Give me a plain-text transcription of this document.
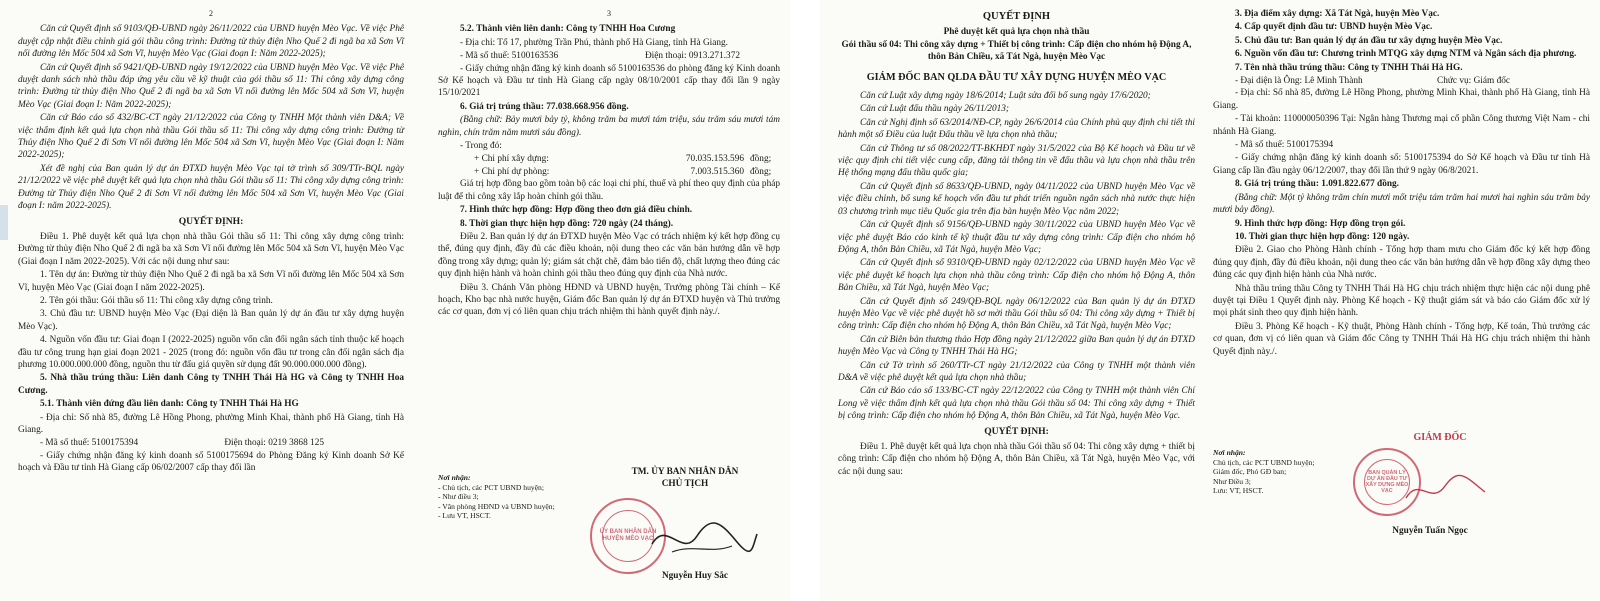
2

Căn cứ Quyết định số 9103/QĐ-UBND ngày 26/11/2022 của UBND huyện Mèo Vạc. Về việc Phê duyệt cập nhật điều chỉnh giá gói thầu công trình: Đường từ thủy điện Nho Quế 2 đi ngã ba xã Sơn Vĩ nối đường lên Mốc 504 xã Sơn Vĩ, huyện Mèo Vạc (Giai đoạn I: Năm 2022-2025);

Căn cứ Quyết định số 9421/QĐ-UBND ngày 19/12/2022 của UBND huyện Mèo Vạc. Về việc Phê duyệt danh sách nhà thầu đáp ứng yêu cầu về kỹ thuật của gói thầu số 11: Thi công xây dựng công trình: Đường từ thủy điện Nho Quế 2 đi ngã ba xã Sơn Vĩ nối đường lên Mốc 504 xã Sơn Vĩ, huyện Mèo Vạc (Giai đoạn I: Năm 2022-2025);

Căn cứ Báo cáo số 432/BC-CT ngày 21/12/2022 của Công ty TNHH Một thành viên D&A; Về việc thẩm định kết quả lựa chọn nhà thầu Gói thầu số 11: Thi công xây dựng công trình: Đường từ Thủy điện Nho Quế 2 đi Sơn Vĩ nối đường lên Mốc 504 xã Sơn Vĩ, huyện Mèo Vạc (Giai đoạn I: Năm 2022-2025);

Xét đề nghị của Ban quản lý dự án ĐTXD huyện Mèo Vạc tại tờ trình số 309/TTr-BQL ngày 21/12/2022 về việc phê duyệt kết quả lựa chọn nhà thầu Gói thầu số 11: Thi công xây dựng công trình: Đường từ Thủy điện Nho Quế 2 đi Sơn Vĩ nối đường lên Mốc 504 xã Sơn Vĩ, huyện Mèo Vạc (Giai đoạn I: năm 2022-2025).

QUYẾT ĐỊNH:

Điều 1. Phê duyệt kết quả lựa chọn nhà thầu Gói thầu số 11: Thi công xây dựng công trình: Đường từ thủy điện Nho Quế 2 đi ngã ba xã Sơn Vĩ nối đường lên Mốc 504 xã Sơn Vĩ, huyện Mèo Vạc (Giai đoạn I năm 2022-2025). Với các nội dung như sau:

1. Tên dự án: Đường từ thủy điện Nho Quế 2 đi ngã ba xã Sơn Vĩ nối đường lên Mốc 504 xã Sơn Vĩ, huyện Mèo Vạc (Giai đoạn I năm 2022-2025).

2. Tên gói thầu: Gói thầu số 11: Thi công xây dựng công trình.

3. Chủ đầu tư: UBND huyện Mèo Vạc (Đại diện là Ban quản lý dự án đầu tư xây dựng huyện Mèo Vạc).

4. Nguồn vốn đầu tư: Giai đoạn I (2022-2025) nguồn vốn cân đối ngân sách tỉnh thuộc kế hoạch đầu tư công trung hạn giai đoạn 2021 - 2025 (trong đó: nguồn vốn đầu tư trong cân đối ngân sách địa phương 10.000.000.000 đồng, nguồn thu từ đấu giá quyền sử dụng đất 90.000.000.000 đồng).

5. Nhà thầu trúng thầu: Liên danh Công ty TNHH Thái Hà HG và Công ty TNHH Hoa Cương.

5.1. Thành viên đứng đầu liên danh: Công ty TNHH Thái Hà HG

- Địa chỉ: Số nhà 85, đường Lê Hồng Phong, phường Minh Khai, thành phố Hà Giang, tỉnh Hà Giang.

- Mã số thuế: 5100175394	Điện thoại: 0219 3868 125

- Giấy chứng nhận đăng ký kinh doanh số 5100175694 do Phòng Đăng ký Kinh doanh Sở Kế hoạch và Đầu tư tỉnh Hà Giang cấp 06/02/2007 cấp thay đổi lần

3

5.2. Thành viên liên danh: Công ty TNHH Hoa Cương

- Địa chỉ: Tổ 17, phường Trần Phú, thành phố Hà Giang, tỉnh Hà Giang.

- Mã số thuế: 5100163536	Điện thoại: 0913.271.372

- Giấy chứng nhận đăng ký kinh doanh số 5100163536 do phòng đăng ký Kinh doanh Sở Kế hoạch và Đầu tư tỉnh Hà Giang cấp ngày 08/10/2001 cấp thay đổi lần 9 ngày 15/10/2021

6. Giá trị trúng thầu: 77.038.668.956 đồng.

(Bằng chữ: Bảy mươi bảy tỷ, không trăm ba mươi tám triệu, sáu trăm sáu mươi tám nghìn, chín trăm năm mươi sáu đồng).

- Trong đó:

+ Chi phí xây dựng:	70.035.153.596 đồng;
+ Chi phí dự phòng:	7.003.515.360 đồng;

Giá trị hợp đồng bao gồm toàn bộ các loại chi phí, thuế và phí theo quy định của pháp luật để thi công xây lắp hoàn chỉnh gói thầu.

7. Hình thức hợp đồng: Hợp đồng theo đơn giá điều chỉnh.

8. Thời gian thực hiện hợp đồng: 720 ngày (24 tháng).

Điều 2. Ban quản lý dự án ĐTXD huyện Mèo Vạc có trách nhiệm ký kết hợp đồng cụ thể, đúng quy định, đầy đủ các điều khoản, nội dung theo các văn bản hướng dẫn về hợp đồng trong xây dựng; quản lý; giám sát chặt chẽ, đảm bảo tiến độ, chất lượng theo đúng các quy định hiện hành và hoàn chỉnh gói thầu theo đúng quy định của Nhà nước.

Điều 3. Chánh Văn phòng HĐND và UBND huyện, Trưởng phòng Tài chính – Kế hoạch, Kho bạc nhà nước huyện, Giám đốc Ban quản lý dự án ĐTXD huyện và Thủ trưởng các cơ quan, đơn vị có liên quan chịu trách nhiệm thi hành quyết định này./.

Nơi nhận:
- Chủ tịch, các PCT UBND huyện;
- Như điều 3;
- Văn phòng HĐND và UBND huyện;
- Lưu VT, HSCT.
TM. ỦY BAN NHÂN DÂN
CHỦ TỊCH
ỦY BAN NHÂN DÂN HUYỆN MÈO VẠC
Nguyễn Huy Sắc
QUYẾT ĐỊNH
Phê duyệt kết quả lựa chọn nhà thầu
Gói thầu số 04: Thi công xây dựng + Thiết bị công trình: Cấp điện cho nhóm hộ Động A, thôn Bản Chiều, xã Tát Ngà, huyện Mèo Vạc
GIÁM ĐỐC BAN QLDA ĐẦU TƯ XÂY DỰNG HUYỆN MÈO VẠC

Căn cứ Luật xây dựng ngày 18/6/2014; Luật sửa đổi bổ sung ngày 17/6/2020;

Căn cứ Luật đấu thầu ngày 26/11/2013;

Căn cứ Nghị định số 63/2014/NĐ-CP, ngày 26/6/2014 của Chính phủ quy định chi tiết thi hành một số Điều của luật Đấu thầu về lựa chọn nhà thầu;

Căn cứ Thông tư số 08/2022/TT-BKHĐT ngày 31/5/2022 của Bộ Kế hoạch và Đầu tư về việc quy định chi tiết việc cung cấp, đăng tải thông tin về đấu thầu và lựa chọn nhà thầu trên Hệ thống mạng đấu thầu quốc gia;

Căn cứ Quyết định số 8633/QĐ-UBND, ngày 04/11/2022 của UBND huyện Mèo Vạc về việc điều chỉnh, bổ sung kế hoạch vốn đầu tư phát triển nguồn ngân sách nhà nước thực hiện 03 chương trình mục tiêu Quốc gia trên địa bàn huyện Mèo Vạc năm 2022;

Căn cứ Quyết định số 9156/QĐ-UBND ngày 30/11/2022 của UBND huyện Mèo Vạc về việc phê duyệt Báo cáo kinh tế kỹ thuật đầu tư xây dựng công trình: Cấp điện cho nhóm hộ Động A, thôn Bản Chiều, xã Tát Ngà, huyện Mèo Vạc;

Căn cứ Quyết định số 9310/QĐ-UBND ngày 02/12/2022 của UBND huyện Mèo Vạc về việc phê duyệt kế hoạch lựa chọn nhà thầu công trình: Cấp điện cho nhóm hộ Động A, thôn Bản Chiều, xã Tát Ngà, huyện Mèo Vạc;

Căn cứ Quyết định số 249/QĐ-BQL ngày 06/12/2022 của Ban quản lý dự án ĐTXD huyện Mèo Vạc về việc phê duyệt hồ sơ mời thầu Gói thầu số 04: Thi công xây dựng + Thiết bị công trình: Cấp điện cho nhóm hộ Động A, thôn Bản Chiều, xã Tát Ngà, huyện Mèo Vạc;

Căn cứ Biên bản thương thảo Hợp đồng ngày 21/12/2022 giữa Ban quản lý dự án ĐTXD huyện Mèo Vạc và Công ty TNHH Thái Hà HG;

Căn cứ Tờ trình số 260/TTr-CT ngày 21/12/2022 của Công ty TNHH một thành viên D&A về việc phê duyệt kết quả lựa chọn nhà thầu;

Căn cứ Báo cáo số 133/BC-CT ngày 22/12/2022 của Công ty TNHH một thành viên Chí Long về việc thẩm định kết quả lựa chọn nhà thầu Gói thầu số 04: Thi công xây dựng + Thiết bị công trình: Cấp điện cho nhóm hộ Động A, thôn Bản Chiều, xã Tát Ngà, huyện Mèo Vạc.

QUYẾT ĐỊNH:

Điều 1. Phê duyệt kết quả lựa chọn nhà thầu Gói thầu số 04: Thi công xây dựng + thiết bị công trình: Cấp điện cho nhóm hộ Động A, thôn Bản Chiều, xã Tát Ngà, huyện Mèo Vạc, với các nội dung sau:

3. Địa điểm xây dựng: Xã Tát Ngà, huyện Mèo Vạc.

4. Cấp quyết định đầu tư: UBND huyện Mèo Vạc.

5. Chủ đầu tư: Ban quản lý dự án đầu tư xây dựng huyện Mèo Vạc.

6. Nguồn vốn đầu tư: Chương trình MTQG xây dựng NTM và Ngân sách địa phương.

7. Tên nhà thầu trúng thầu: Công ty TNHH Thái Hà HG.

- Đại diện là Ông: Lê Minh Thành	Chức vụ: Giám đốc

- Địa chỉ: Số nhà 85, đường Lê Hồng Phong, phường Minh Khai, thành phố Hà Giang, tỉnh Hà Giang.

- Tài khoản: 110000050396 Tại: Ngân hàng Thương mại cổ phần Công thương Việt Nam - chi nhánh Hà Giang.

- Mã số thuế: 5100175394

- Giấy chứng nhận đăng ký kinh doanh số: 5100175394 do Sở Kế hoạch và Đầu tư tỉnh Hà Giang cấp lần đầu ngày 06/12/2007, thay đổi lần thứ 9 ngày 06/8/2021.

8. Giá trị trúng thầu: 1.091.822.677 đồng.

(Bằng chữ: Một tỷ không trăm chín mươi mốt triệu tám trăm hai mươi hai nghìn sáu trăm bảy mươi bảy đồng).

9. Hình thức hợp đồng: Hợp đồng trọn gói.

10. Thời gian thực hiện hợp đồng: 120 ngày.

Điều 2. Giao cho Phòng Hành chính - Tổng hợp tham mưu cho Giám đốc ký kết hợp đồng đúng quy định, đầy đủ điều khoản, nội dung theo các văn bản hướng dẫn về hợp đồng xây dựng theo đúng các quy định hiện hành của Nhà nước.

Nhà thầu trúng thầu Công ty TNHH Thái Hà HG chịu trách nhiệm thực hiện các nội dung phê duyệt tại Điều 1 Quyết định này. Phòng Kế hoạch - Kỹ thuật giám sát và báo cáo Giám đốc xử lý mọi phát sinh theo quy định hiện hành.

Điều 3. Phòng Kế hoạch - Kỹ thuật, Phòng Hành chính - Tổng hợp, Kế toán, Thủ trưởng các cơ quan, đơn vị có liên quan và Giám đốc Công ty TNHH Thái Hà HG chịu trách nhiệm thi hành Quyết định này./.

Nơi nhận:
Chủ tịch, các PCT UBND huyện;
Giám đốc, Phó GĐ ban;
Như Điều 3;
Lưu: VT, HSCT.
GIÁM ĐỐC
BAN QUẢN LÝ DỰ ÁN ĐẦU TƯ XÂY DỰNG MÈO VẠC
Nguyễn Tuấn Ngọc
